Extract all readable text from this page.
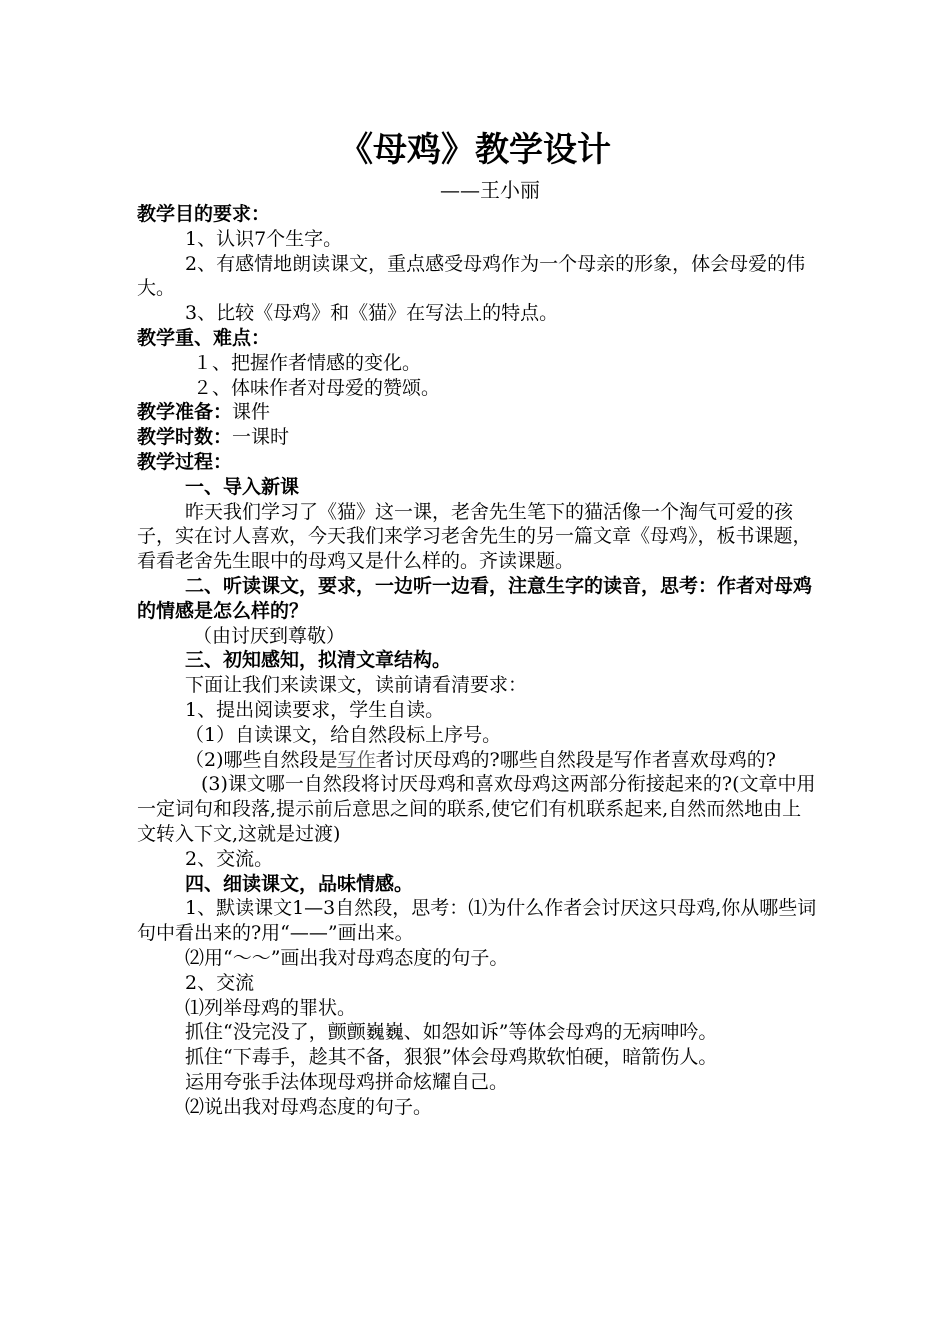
《母鸡》教学设计
——王小丽

教学目的要求：

1、认识7个生字。

2、有感情地朗读课文，重点感受母鸡作为一个母亲的形象，体会母爱的伟大。

3、比较《母鸡》和《猫》在写法上的特点。

教学重、难点：

１、把握作者情感的变化。

２、体味作者对母爱的赞颂。

教学准备：课件

教学时数：一课时

教学过程：

一、导入新课

昨天我们学习了《猫》这一课，老舍先生笔下的猫活像一个淘气可爱的孩子，实在讨人喜欢，今天我们来学习老舍先生的另一篇文章《母鸡》，板书课题，看看老舍先生眼中的母鸡又是什么样的。齐读课题。

二、听读课文，要求，一边听一边看，注意生字的读音，思考：作者对母鸡的情感是怎么样的？

（由讨厌到尊敬）

三、初知感知，拟清文章结构。

下面让我们来读课文，读前请看清要求：

1、提出阅读要求，学生自读。

（1）自读课文，给自然段标上序号。

（2)哪些自然段是写作者讨厌母鸡的?哪些自然段是写作者喜欢母鸡的?

(3)课文哪一自然段将讨厌母鸡和喜欢母鸡这两部分衔接起来的?(文章中用一定词句和段落,提示前后意思之间的联系,使它们有机联系起来,自然而然地由上文转入下文,这就是过渡)

2、交流。

四、细读课文，品味情感。

1、默读课文1—3自然段，思考：⑴为什么作者会讨厌这只母鸡,你从哪些词句中看出来的?用“——”画出来。

⑵用“～～”画出我对母鸡态度的句子。

2、交流

⑴列举母鸡的罪状。

抓住“没完没了，颤颤巍巍、如怨如诉”等体会母鸡的无病呻吟。

抓住“下毒手，趁其不备，狠狠”体会母鸡欺软怕硬，暗箭伤人。

运用夸张手法体现母鸡拼命炫耀自己。

⑵说出我对母鸡态度的句子。
